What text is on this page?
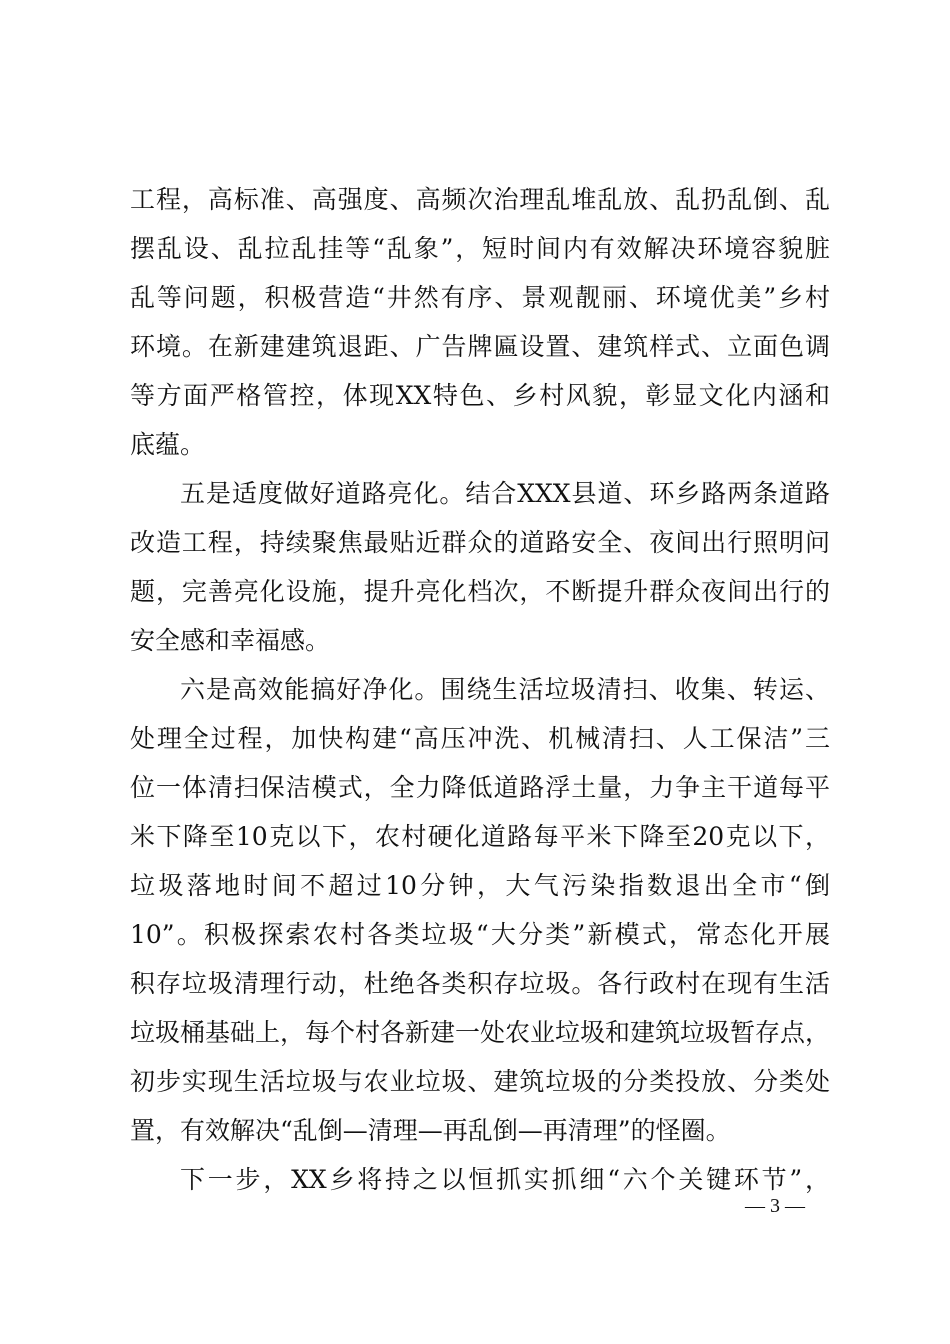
工程，高标准、高强度、高频次治理乱堆乱放、乱扔乱倒、乱
摆乱设、乱拉乱挂等“乱象”，短时间内有效解决环境容貌脏
乱等问题，积极营造“井然有序、景观靓丽、环境优美”乡村
环境。在新建建筑退距、广告牌匾设置、建筑样式、立面色调
等方面严格管控，体现XX特色、乡村风貌，彰显文化内涵和
底蕴。
五是适度做好道路亮化。结合XXX县道、环乡路两条道路
改造工程，持续聚焦最贴近群众的道路安全、夜间出行照明问
题，完善亮化设施，提升亮化档次，不断提升群众夜间出行的
安全感和幸福感。
六是高效能搞好净化。围绕生活垃圾清扫、收集、转运、
处理全过程，加快构建“高压冲洗、机械清扫、人工保洁”三
位一体清扫保洁模式，全力降低道路浮土量，力争主干道每平
米下降至10克以下，农村硬化道路每平米下降至20克以下，
垃圾落地时间不超过10分钟，大气污染指数退出全市“倒
10”。积极探索农村各类垃圾“大分类”新模式，常态化开展
积存垃圾清理行动，杜绝各类积存垃圾。各行政村在现有生活
垃圾桶基础上，每个村各新建一处农业垃圾和建筑垃圾暂存点，
初步实现生活垃圾与农业垃圾、建筑垃圾的分类投放、分类处
置，有效解决“乱倒—清理—再乱倒—再清理”的怪圈。
下一步，XX乡将持之以恒抓实抓细“六个关键环节”，
— 3 —
